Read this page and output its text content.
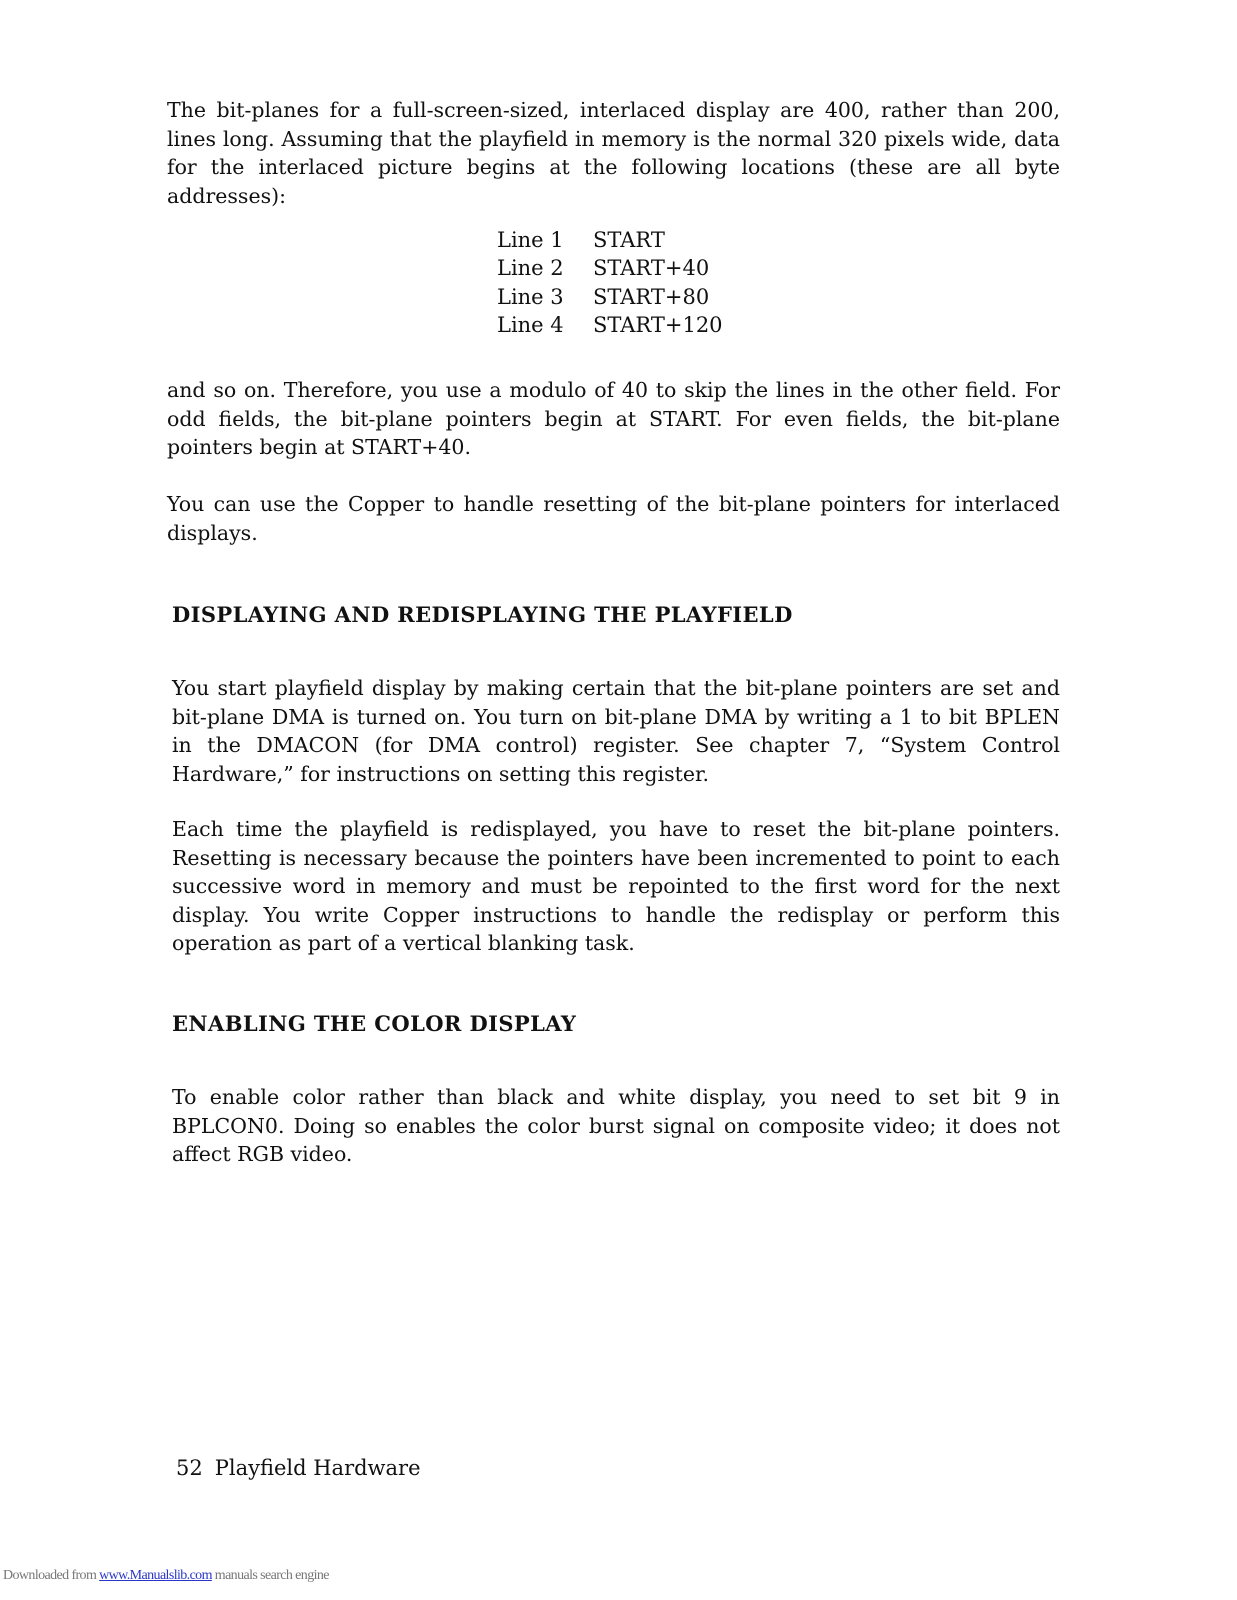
The bit-planes for a full-screen-sized, interlaced display are 400, rather than 200, lines long. Assuming that the playfield in memory is the normal 320 pixels wide, data for the interlaced picture begins at the following locations (these are all byte addresses):

Line 1	START
Line 2	START+40
Line 3	START+80
Line 4	START+120

and so on. Therefore, you use a modulo of 40 to skip the lines in the other field. For odd fields, the bit-plane pointers begin at START. For even fields, the bit-plane pointers begin at START+40.

You can use the Copper to handle resetting of the bit-plane pointers for interlaced displays.

DISPLAYING AND REDISPLAYING THE PLAYFIELD

You start playfield display by making certain that the bit-plane pointers are set and bit-plane DMA is turned on. You turn on bit-plane DMA by writing a 1 to bit BPLEN in the DMACON (for DMA control) register. See chapter 7, “System Control Hardware,” for instructions on setting this register.

Each time the playfield is redisplayed, you have to reset the bit-plane pointers. Resetting is necessary because the pointers have been incremented to point to each successive word in memory and must be repointed to the first word for the next display. You write Copper instructions to handle the redisplay or perform this operation as part of a vertical blanking task.

ENABLING THE COLOR DISPLAY

To enable color rather than black and white display, you need to set bit 9 in BPLCON0. Doing so enables the color burst signal on composite video; it does not affect RGB video.

52 Playfield Hardware

Downloaded from www.Manualslib.com manuals search engine
